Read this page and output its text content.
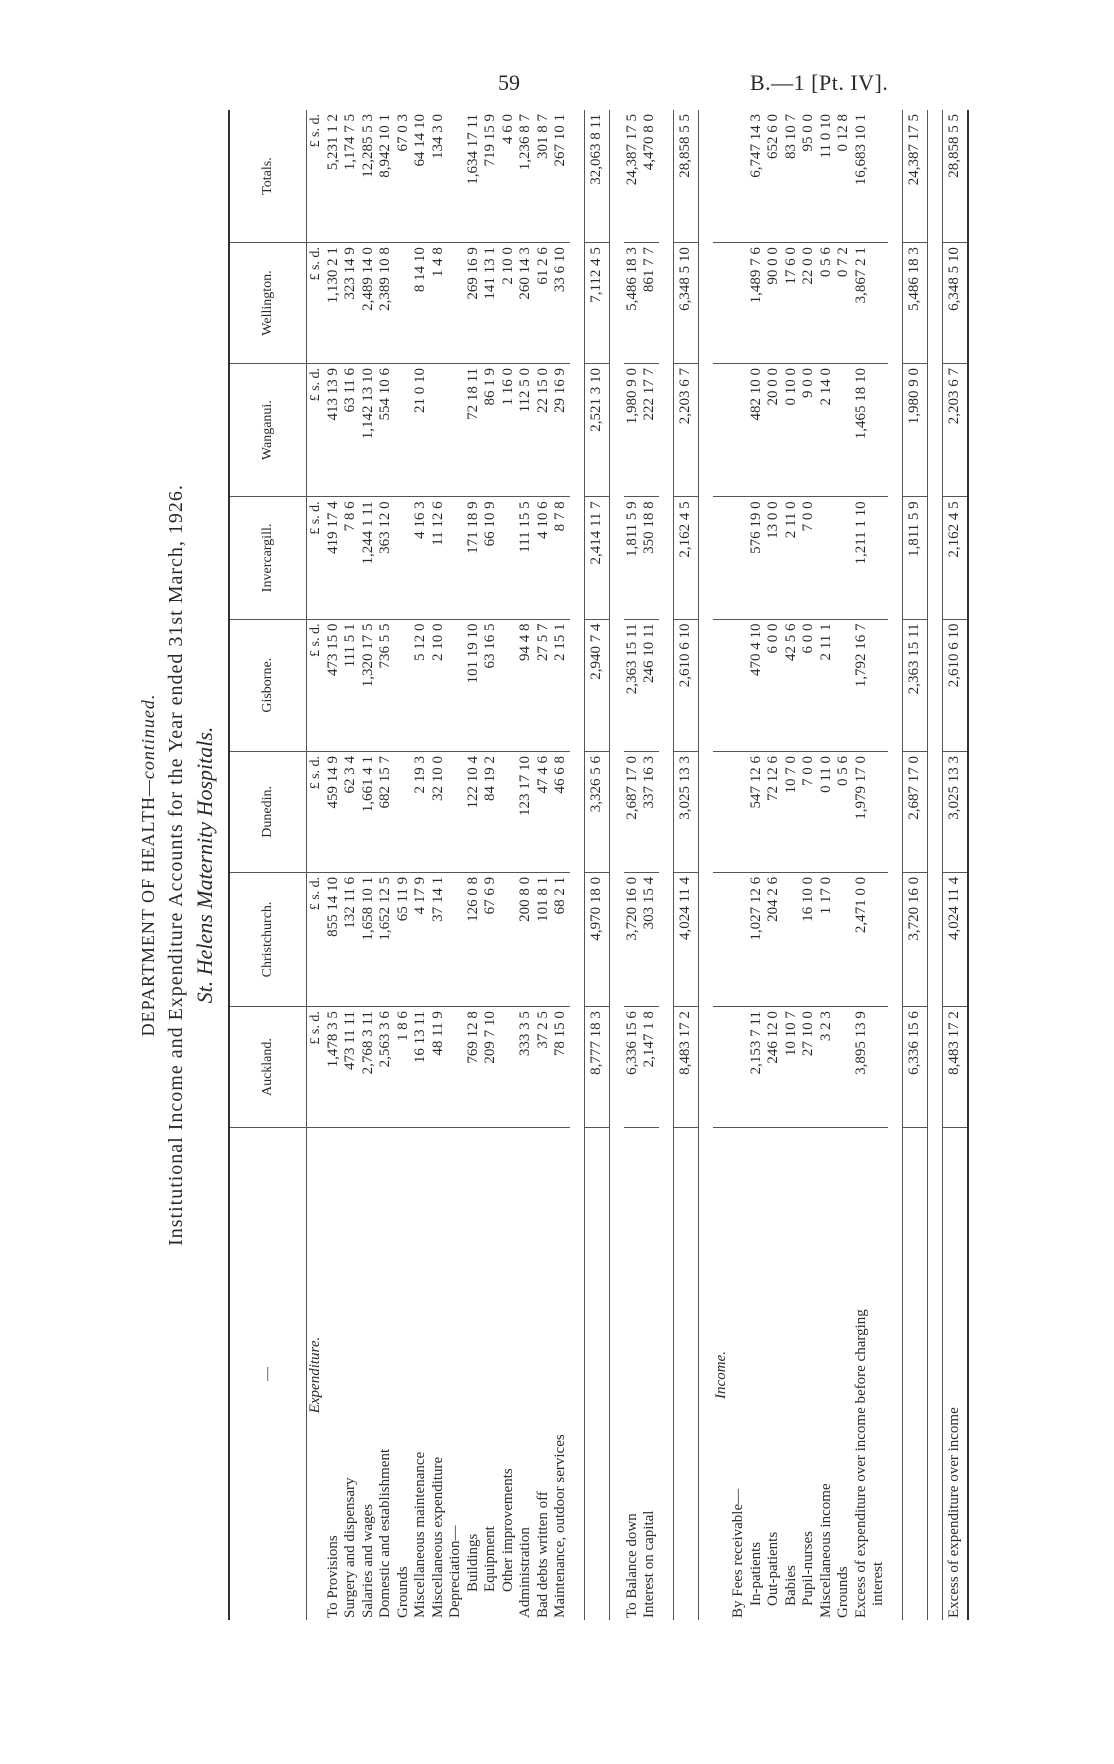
59	B.—1 [Pt. IV].
DEPARTMENT OF HEALTH—continued. Institutional Income and Expenditure Accounts for the Year ended 31st March, 1926. St. Helens Maternity Hospitals.
—	Auckland.	Christchurch.	Dunedin.	Gisborne.	Invercargill.	Wanganui.	Wellington.	Totals.
Expenditure.	£ s. d.	£ s. d.	£ s. d.	£ s. d.	£ s. d.	£ s. d.	£ s. d.	£ s. d.
To Provisions	1,478 3 5	855 14 10	459 14 9	473 15 0	419 17 4	413 13 9	1,130 2 1	5,231 1 2
Surgery and dispensary	473 11 11	132 11 6	62 3 4	111 5 1	7 8 6	63 11 6	323 14 9	1,174 7 5
Salaries and wages	2,768 3 11	1,658 10 1	1,661 4 1	1,320 17 5	1,244 1 11	1,142 13 10	2,489 14 0	12,285 5 3
Domestic and establishment	2,563 3 6	1,652 12 5	682 15 7	736 5 5	363 12 0	554 10 6	2,389 10 8	8,942 10 1
Grounds	1 8 6	65 11 9						67 0 3
Miscellaneous maintenance	16 13 11	4 17 9	2 19 3	5 12 0	4 16 3	21 0 10	8 14 10	64 14 10
Miscellaneous expenditure	48 11 9	37 14 1	32 10 0	2 10 0	11 12 6		1 4 8	134 3 0
Depreciation—								
Buildings	769 12 8	126 0 8	122 10 4	101 19 10	171 18 9	72 18 11	269 16 9	1,634 17 11
Equipment	209 7 10	67 6 9	84 19 2	63 16 5	66 10 9	86 1 9	141 13 1	719 15 9
Other improvements						1 16 0	2 10 0	4 6 0
Administration	333 3 5	200 8 0	123 17 10	94 4 8	111 15 5	112 5 0	260 14 3	1,236 8 7
Bad debts written off	37 2 5	101 8 1	47 4 6	27 5 7	4 10 6	22 15 0	61 2 6	301 8 7
Maintenance, outdoor services	78 15 0	68 2 1	46 6 8	2 15 1	8 7 8	29 16 9	33 6 10	267 10 1

	8,777 18 3	4,970 18 0	3,326 5 6	2,940 7 4	2,414 11 7	2,521 3 10	7,112 4 5	32,063 8 11

To Balance down	6,336 15 6	3,720 16 0	2,687 17 0	2,363 15 11	1,811 5 9	1,980 9 0	5,486 18 3	24,387 17 5
Interest on capital	2,147 1 8	303 15 4	337 16 3	246 10 11	350 18 8	222 17 7	861 7 7	4,470 8 0

	8,483 17 2	4,024 11 4	3,025 13 3	2,610 6 10	2,162 4 5	2,203 6 7	6,348 5 10	28,858 5 5

Income.								
By Fees receivable—								
In-patients	2,153 7 11	1,027 12 6	547 12 6	470 4 10	576 19 0	482 10 0	1,489 7 6	6,747 14 3
Out-patients	246 12 0	204 2 6	72 12 6	6 0 0	13 0 0	20 0 0	90 0 0	652 6 0
Babies	10 10 7		10 7 0	42 5 6	2 11 0	0 10 0	17 6 0	83 10 7
Pupil-nurses	27 10 0	16 10 0	7 0 0	6 0 0	7 0 0	9 0 0	22 0 0	95 0 0
Miscellaneous income	3 2 3	1 17 0	0 11 0	2 11 1		2 14 0	0 5 6	11 0 10
Grounds			0 5 6				0 7 2	0 12 8
Excess of expenditure over income before charging	3,895 13 9	2,471 0 0	1,979 17 0	1,792 16 7	1,211 1 10	1,465 18 10	3,867 2 1	16,683 10 1
interest								

	6,336 15 6	3,720 16 0	2,687 17 0	2,363 15 11	1,811 5 9	1,980 9 0	5,486 18 3	24,387 17 5

Excess of expenditure over income	8,483 17 2	4,024 11 4	3,025 13 3	2,610 6 10	2,162 4 5	2,203 6 7	6,348 5 10	28,858 5 5
